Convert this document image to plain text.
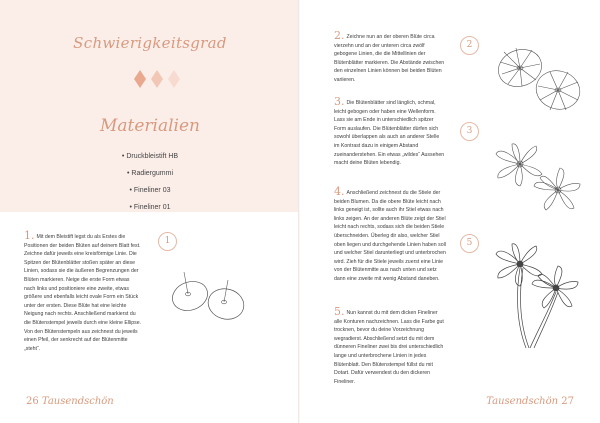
Schwierigkeitsgrad
Materialien
• Druckbleistift HB
• Radiergummi
• Fineliner 03
• Fineliner 01
1. Mit dem Bleistift legst du als Erstes die Positionen der beiden Blüten auf deinem Blatt fest. Zeichne dafür jeweils eine kreisförmige Linie. Die Spitzen der Blütenblätter stoßen später an diese Linien, sodass sie die äußeren Begrenzungen der Blüten markieren. Neige die erste Form etwas nach links und positioniere eine zweite, etwas größere und ebenfalls leicht ovale Form ein Stück unter der ersten. Diese Blüte hat eine leichte Neigung nach rechts. Anschließend markierst du die Blütenstempel jeweils durch eine kleine Ellipse. Von den Blütenstempeln aus zeichnest du jeweils einen Pfeil, der senkrecht auf der Blütenmitte „steht“.
1
26 Tausendschön
2. Zeichne nun an der oberen Blüte circa vierzehn und an der unteren circa zwölf gebogene Linien, die die Mittellinien der Blütenblätter markieren. Die Abstände zwischen den einzelnen Linien können bei beiden Blüten variieren.
3. Die Blütenblätter sind länglich, schmal, leicht gebogen oder haben eine Wellenform. Lass sie am Ende in unterschiedlich spitzer Form auslaufen. Die Blütenblätter dürfen sich sowohl überlappen als auch an anderer Stelle im Kontrast dazu in einigem Abstand zueinanderstehen. Ein etwas „wildes“ Aussehen macht deine Blüten lebendig.
4. Anschließend zeichnest du die Stiele der beiden Blumen. Da die obere Blüte leicht nach links geneigt ist, sollte auch ihr Stiel etwas nach links zeigen. An der anderen Blüte zeigt der Stiel leicht nach rechts, sodass sich die beiden Stiele überschneiden. Überleg dir also, welcher Stiel oben liegen und durchgehende Linien haben soll und welcher Stiel darunterliegt und unterbrochen wird. Zieh für die Stiele jeweils zuerst eine Linie von der Blütenmitte aus nach unten und setz dann eine zweite mit wenig Abstand daneben.
5. Nun kannst du mit dem dicken Fineliner alle Konturen nachzeichnen. Lass die Farbe gut trocknen, bevor du deine Vorzeichnung wegradierst. Abschließend setzt du mit dem dünneren Fineliner zwei bis drei unterschiedlich lange und unterbrochene Linien in jedes Blütenblatt. Den Blütenstempel füllst du mit Dotart. Dafür verwendest du den dickeren Fineliner.
2
3
5
Tausendschön 27
